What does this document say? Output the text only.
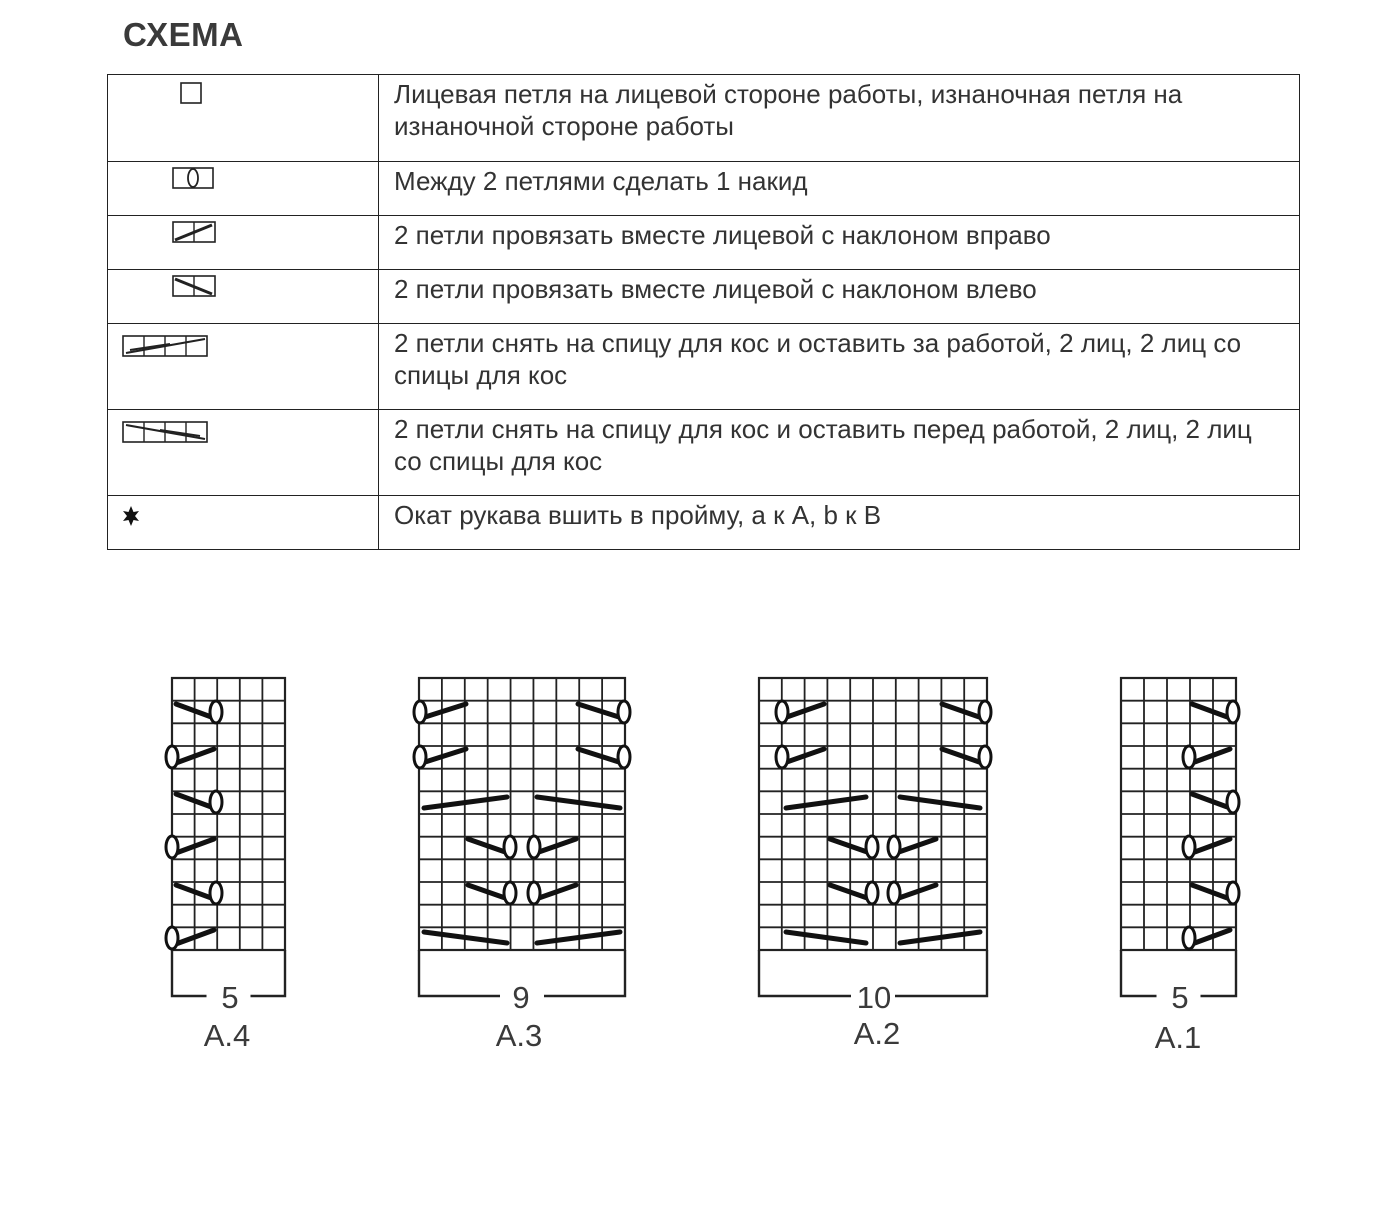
СХЕМА
	Лицевая петля на лицевой стороне работы, изнаночная петля на изнаночной стороне работы

	Между 2 петлями сделать 1 накид

	2 петли провязать вместе лицевой с наклоном вправо

	2 петли провязать вместе лицевой с наклоном влево

	2 петли снять на спицу для кос и оставить за работой, 2 лиц, 2 лиц со спицы для кос

	2 петли снять на спицу для кос и оставить перед работой, 2 лиц, 2 лиц со спицы для кос

	Окат рукава вшить в пройму, а к А, b к В
5
A.4
9
A.3
10
A.2
5
A.1
